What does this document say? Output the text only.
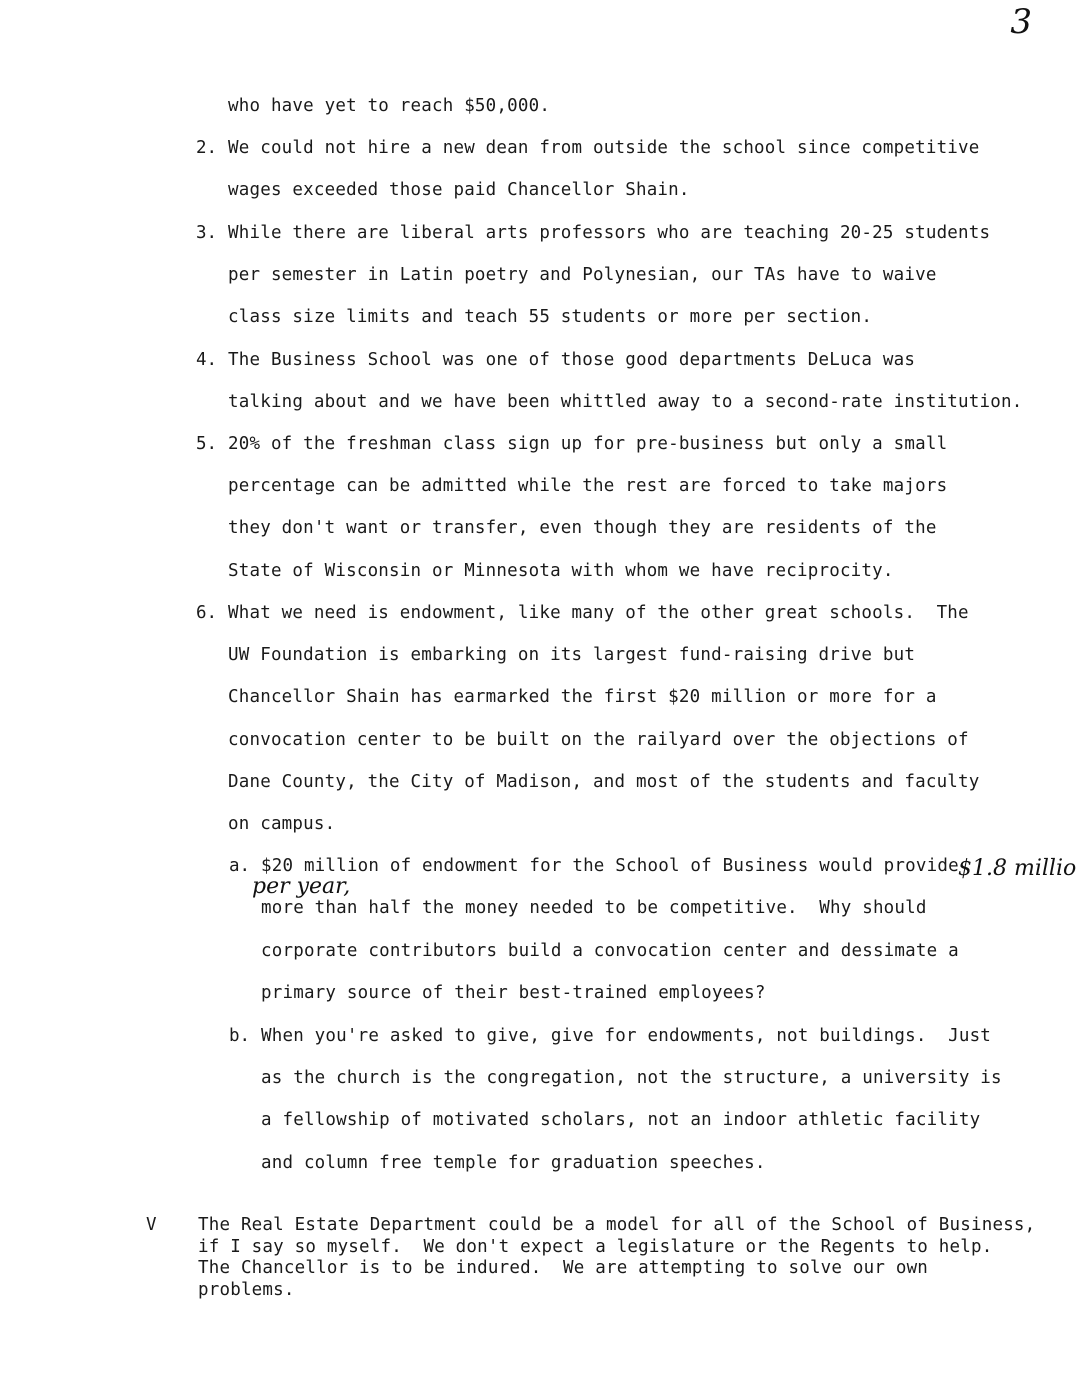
3
who have yet to reach $50,000.
2. We could not hire a new dean from outside the school since competitive
wages exceeded those paid Chancellor Shain.
3. While there are liberal arts professors who are teaching 20-25 students
per semester in Latin poetry and Polynesian, our TAs have to waive
class size limits and teach 55 students or more per section.
4. The Business School was one of those good departments DeLuca was
talking about and we have been whittled away to a second-rate institution.
5. 20% of the freshman class sign up for pre-business but only a small
percentage can be admitted while the rest are forced to take majors
they don't want or transfer, even though they are residents of the
State of Wisconsin or Minnesota with whom we have reciprocity.
6. What we need is endowment, like many of the other great schools.  The
UW Foundation is embarking on its largest fund-raising drive but
Chancellor Shain has earmarked the first $20 million or more for a
convocation center to be built on the railyard over the objections of
Dane County, the City of Madison, and most of the students and faculty
on campus.
a. $20 million of endowment for the School of Business would provide
more than half the money needed to be competitive.  Why should
corporate contributors build a convocation center and dessimate a
primary source of their best-trained employees?
$1.8 millio
per year,
b. When you're asked to give, give for endowments, not buildings.  Just
as the church is the congregation, not the structure, a university is
a fellowship of motivated scholars, not an indoor athletic facility
and column free temple for graduation speeches.
V The Real Estate Department could be a model for all of the School of Business,
if I say so myself.  We don't expect a legislature or the Regents to help.
The Chancellor is to be indured.  We are attempting to solve our own
problems.
